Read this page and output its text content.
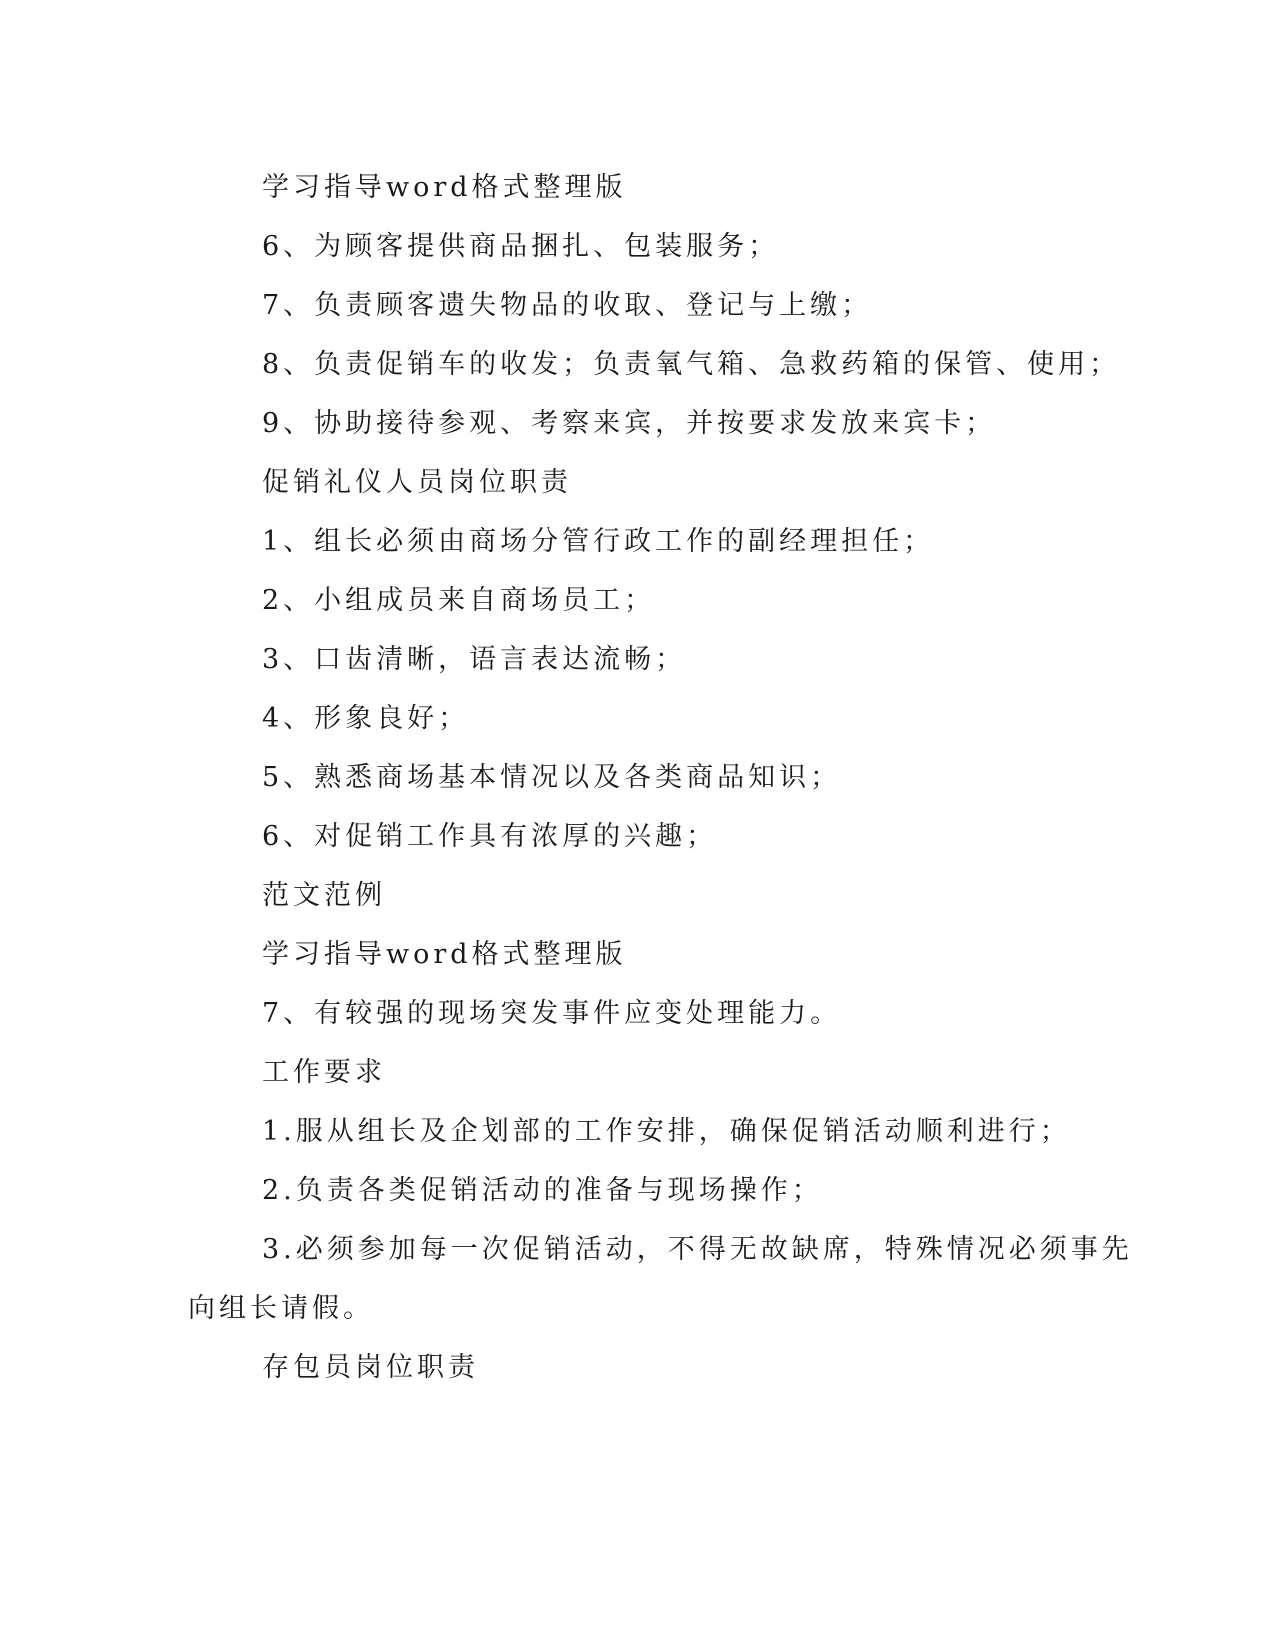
学习指导word格式整理版
6、为顾客提供商品捆扎、包装服务；
7、负责顾客遗失物品的收取、登记与上缴；
8、负责促销车的收发；负责氧气箱、急救药箱的保管、使用；
9、协助接待参观、考察来宾，并按要求发放来宾卡；
促销礼仪人员岗位职责
1、组长必须由商场分管行政工作的副经理担任；
2、小组成员来自商场员工；
3、口齿清晰，语言表达流畅；
4、形象良好；
5、熟悉商场基本情况以及各类商品知识；
6、对促销工作具有浓厚的兴趣；
范文范例
学习指导word格式整理版
7、有较强的现场突发事件应变处理能力。
工作要求
1.服从组长及企划部的工作安排，确保促销活动顺利进行；
2.负责各类促销活动的准备与现场操作；
3.必须参加每一次促销活动，不得无故缺席，特殊情况必须事先
向组长请假。
存包员岗位职责
